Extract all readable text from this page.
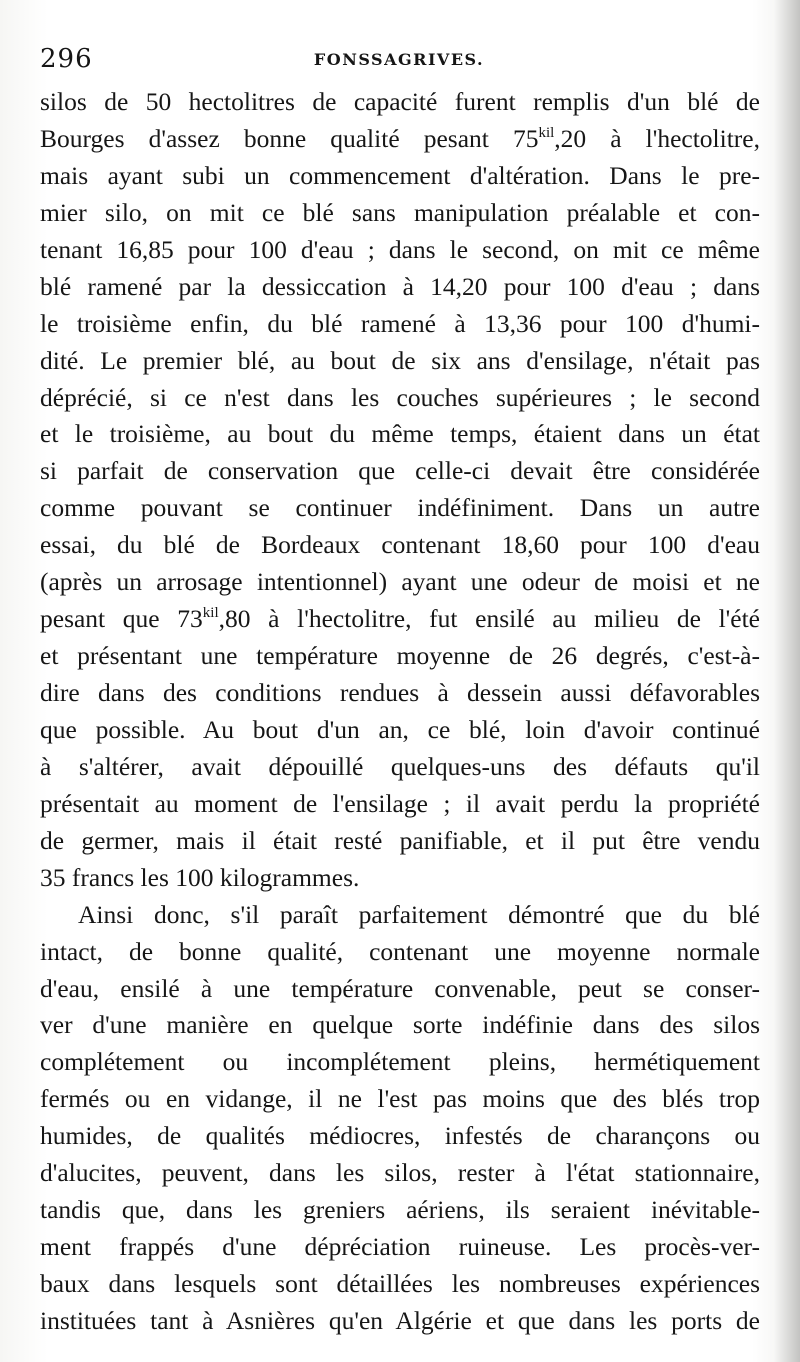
296	FONSSAGRIVES.
silos de 50 hectolitres de capacité furent remplis d'un blé de
Bourges d'assez bonne qualité pesant $75^{kil},20$ à l'hectolitre,
mais ayant subi un commencement d'altération. Dans le pre-
mier silo, on mit ce blé sans manipulation préalable et con-
tenant 16,85 pour 100 d'eau ; dans le second, on mit ce même
blé ramené par la dessiccation à 14,20 pour 100 d'eau ; dans
le troisième enfin, du blé ramené à 13,36 pour 100 d'humi-
dité. Le premier blé, au bout de six ans d'ensilage, n'était pas
déprécié, si ce n'est dans les couches supérieures ; le second
et le troisième, au bout du même temps, étaient dans un état
si parfait de conservation que celle-ci devait être considérée
comme pouvant se continuer indéfiniment. Dans un autre
essai, du blé de Bordeaux contenant 18,60 pour 100 d'eau
(après un arrosage intentionnel) ayant une odeur de moisi et ne
pesant que $73^{kil},80$ à l'hectolitre, fut ensilé au milieu de l'été
et présentant une température moyenne de 26 degrés, c'est-à-
dire dans des conditions rendues à dessein aussi défavorables
que possible. Au bout d'un an, ce blé, loin d'avoir continué
à s'altérer, avait dépouillé quelques-uns des défauts qu'il
présentait au moment de l'ensilage ; il avait perdu la propriété
de germer, mais il était resté panifiable, et il put être vendu
35 francs les 100 kilogrammes.
Ainsi donc, s'il paraît parfaitement démontré que du blé
intact, de bonne qualité, contenant une moyenne normale
d'eau, ensilé à une température convenable, peut se conser-
ver d'une manière en quelque sorte indéfinie dans des silos
complétement ou incomplétement pleins, hermétiquement
fermés ou en vidange, il ne l'est pas moins que des blés trop
humides, de qualités médiocres, infestés de charançons ou
d'alucites, peuvent, dans les silos, rester à l'état stationnaire,
tandis que, dans les greniers aériens, ils seraient inévitable-
ment frappés d'une dépréciation ruineuse. Les procès-ver-
baux dans lesquels sont détaillées les nombreuses expériences
instituées tant à Asnières qu'en Algérie et que dans les ports de
